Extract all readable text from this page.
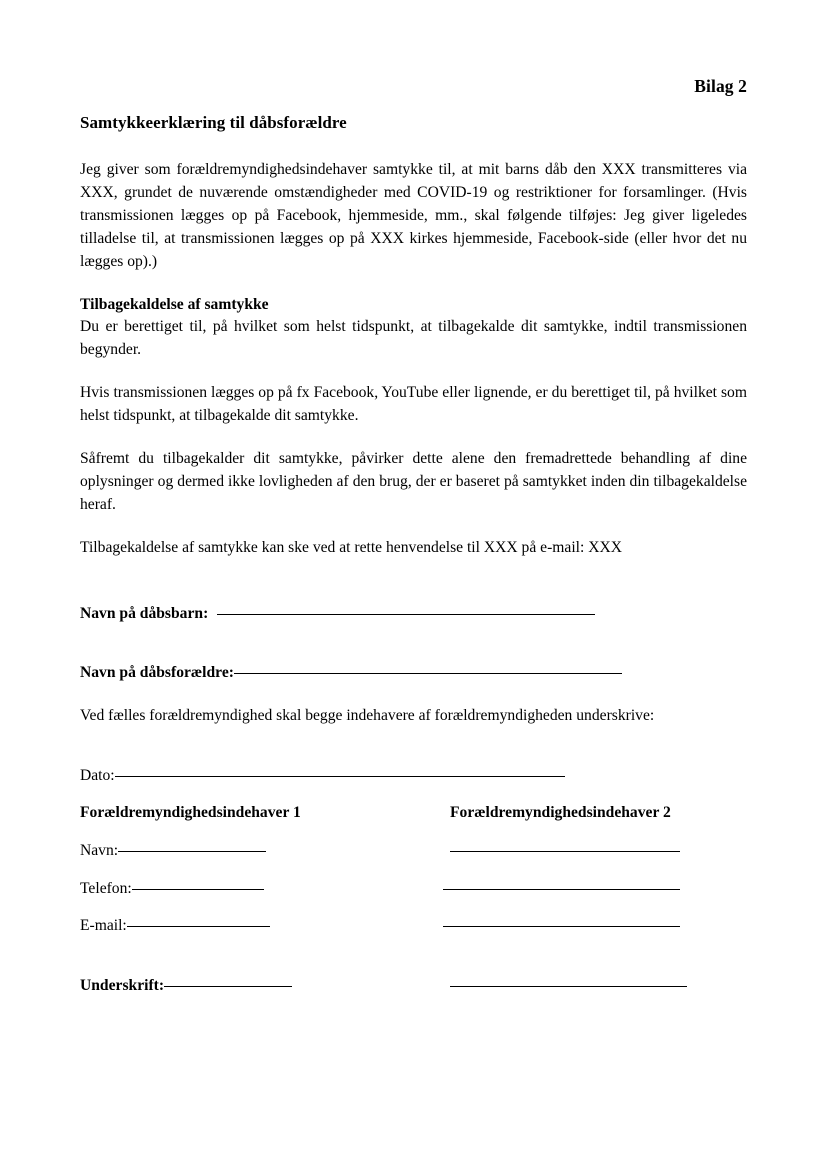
Bilag 2
Samtykkeerklæring til dåbsforældre

Jeg giver som forældremyndighedsindehaver samtykke til, at mit barns dåb den XXX transmitteres via XXX, grundet de nuværende omstændigheder med COVID-19 og restriktioner for forsamlinger. (Hvis transmissionen lægges op på Facebook, hjemmeside, mm., skal følgende tilføjes: Jeg giver ligeledes tilladelse til, at transmissionen lægges op på XXX kirkes hjemmeside, Facebook-side (eller hvor det nu lægges op).)

Tilbagekaldelse af samtykke

Du er berettiget til, på hvilket som helst tidspunkt, at tilbagekalde dit samtykke, indtil transmissionen begynder.

Hvis transmissionen lægges op på fx Facebook, YouTube eller lignende, er du berettiget til, på hvilket som helst tidspunkt, at tilbagekalde dit samtykke.

Såfremt du tilbagekalder dit samtykke, påvirker dette alene den fremadrettede behandling af dine oplysninger og dermed ikke lovligheden af den brug, der er baseret på samtykket inden din tilbagekaldelse heraf.

Tilbagekaldelse af samtykke kan ske ved at rette henvendelse til XXX på e-mail: XXX

Navn på dåbsbarn:
Navn på dåbsforældre:

Ved fælles forældremyndighed skal begge indehavere af forældremyndigheden underskrive:

Dato:
Forældremyndighedsindehaver 1	Forældremyndighedsindehaver 2
Navn:
Telefon:
E-mail:
Underskrift:
